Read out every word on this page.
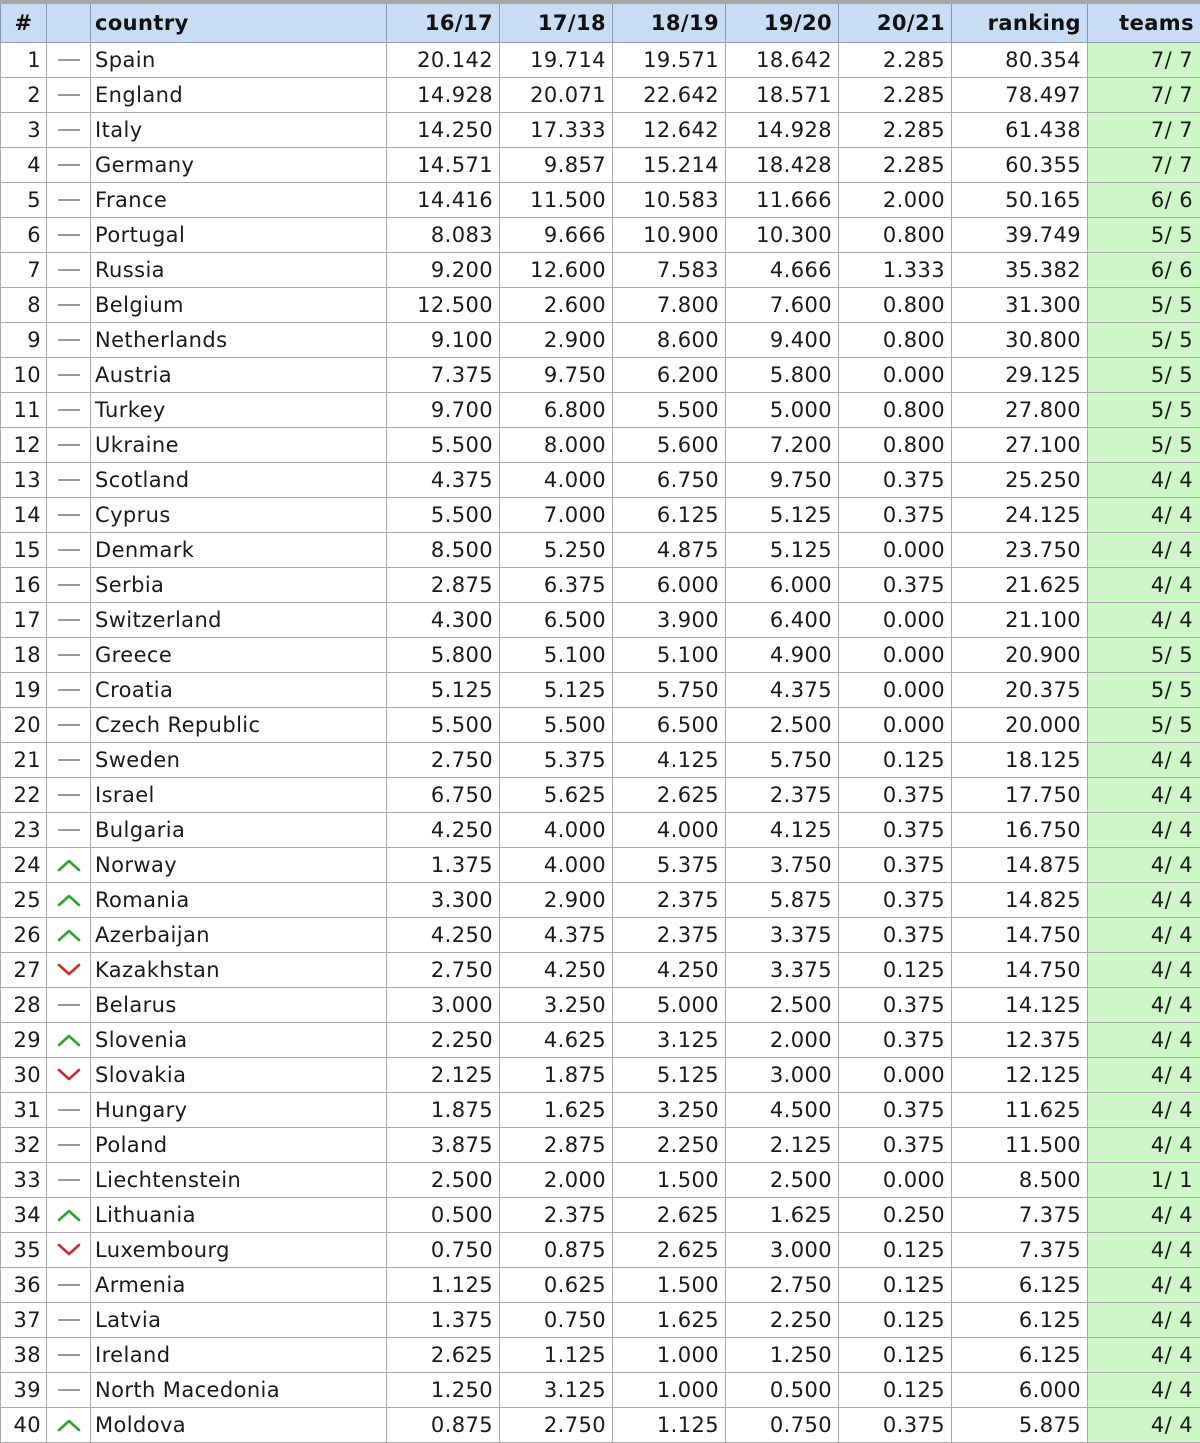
#		country	16/17	17/18	18/19	19/20	20/21	ranking	teams
1		Spain	20.142	19.714	19.571	18.642	2.285	80.354	7/ 7
2		England	14.928	20.071	22.642	18.571	2.285	78.497	7/ 7
3		Italy	14.250	17.333	12.642	14.928	2.285	61.438	7/ 7
4		Germany	14.571	9.857	15.214	18.428	2.285	60.355	7/ 7
5		France	14.416	11.500	10.583	11.666	2.000	50.165	6/ 6
6		Portugal	8.083	9.666	10.900	10.300	0.800	39.749	5/ 5
7		Russia	9.200	12.600	7.583	4.666	1.333	35.382	6/ 6
8		Belgium	12.500	2.600	7.800	7.600	0.800	31.300	5/ 5
9		Netherlands	9.100	2.900	8.600	9.400	0.800	30.800	5/ 5
10		Austria	7.375	9.750	6.200	5.800	0.000	29.125	5/ 5
11		Turkey	9.700	6.800	5.500	5.000	0.800	27.800	5/ 5
12		Ukraine	5.500	8.000	5.600	7.200	0.800	27.100	5/ 5
13		Scotland	4.375	4.000	6.750	9.750	0.375	25.250	4/ 4
14		Cyprus	5.500	7.000	6.125	5.125	0.375	24.125	4/ 4
15		Denmark	8.500	5.250	4.875	5.125	0.000	23.750	4/ 4
16		Serbia	2.875	6.375	6.000	6.000	0.375	21.625	4/ 4
17		Switzerland	4.300	6.500	3.900	6.400	0.000	21.100	4/ 4
18		Greece	5.800	5.100	5.100	4.900	0.000	20.900	5/ 5
19		Croatia	5.125	5.125	5.750	4.375	0.000	20.375	5/ 5
20		Czech Republic	5.500	5.500	6.500	2.500	0.000	20.000	5/ 5
21		Sweden	2.750	5.375	4.125	5.750	0.125	18.125	4/ 4
22		Israel	6.750	5.625	2.625	2.375	0.375	17.750	4/ 4
23		Bulgaria	4.250	4.000	4.000	4.125	0.375	16.750	4/ 4
24		Norway	1.375	4.000	5.375	3.750	0.375	14.875	4/ 4
25		Romania	3.300	2.900	2.375	5.875	0.375	14.825	4/ 4
26		Azerbaijan	4.250	4.375	2.375	3.375	0.375	14.750	4/ 4
27		Kazakhstan	2.750	4.250	4.250	3.375	0.125	14.750	4/ 4
28		Belarus	3.000	3.250	5.000	2.500	0.375	14.125	4/ 4
29		Slovenia	2.250	4.625	3.125	2.000	0.375	12.375	4/ 4
30		Slovakia	2.125	1.875	5.125	3.000	0.000	12.125	4/ 4
31		Hungary	1.875	1.625	3.250	4.500	0.375	11.625	4/ 4
32		Poland	3.875	2.875	2.250	2.125	0.375	11.500	4/ 4
33		Liechtenstein	2.500	2.000	1.500	2.500	0.000	8.500	1/ 1
34		Lithuania	0.500	2.375	2.625	1.625	0.250	7.375	4/ 4
35		Luxembourg	0.750	0.875	2.625	3.000	0.125	7.375	4/ 4
36		Armenia	1.125	0.625	1.500	2.750	0.125	6.125	4/ 4
37		Latvia	1.375	0.750	1.625	2.250	0.125	6.125	4/ 4
38		Ireland	2.625	1.125	1.000	1.250	0.125	6.125	4/ 4
39		North Macedonia	1.250	3.125	1.000	0.500	0.125	6.000	4/ 4
40		Moldova	0.875	2.750	1.125	0.750	0.375	5.875	4/ 4
